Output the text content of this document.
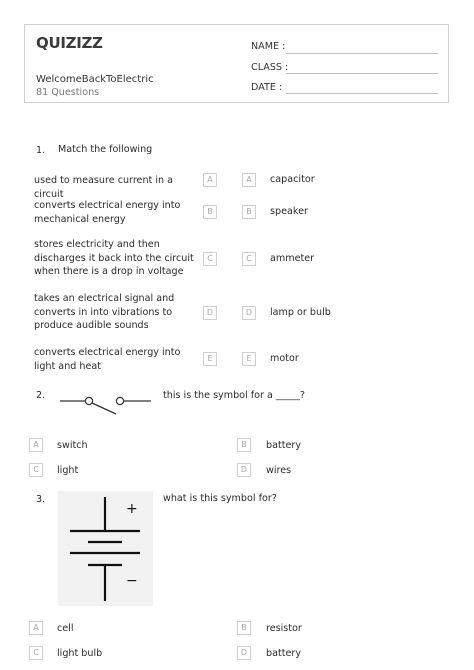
QUIZIZZ
WelcomeBackToElectric
81 Questions
NAME :
CLASS :
DATE :
1. Match the following
used to measure current in a circuit
A	A	capacitor
converts electrical energy into mechanical energy
B	B	speaker
stores electricity and then discharges it back into the circuit when there is a drop in voltage
C	C	ammeter
takes an electrical signal and converts in into vibrations to produce audible sounds
D	D	lamp or bulb
converts electrical energy into light and heat
E	E	motor
2.	this is the symbol for a _____?
A	switch	B	battery
C	light	D	wires
3.
+
−
what is this symbol for?
A	cell	B	resistor
C	light bulb	D	battery
